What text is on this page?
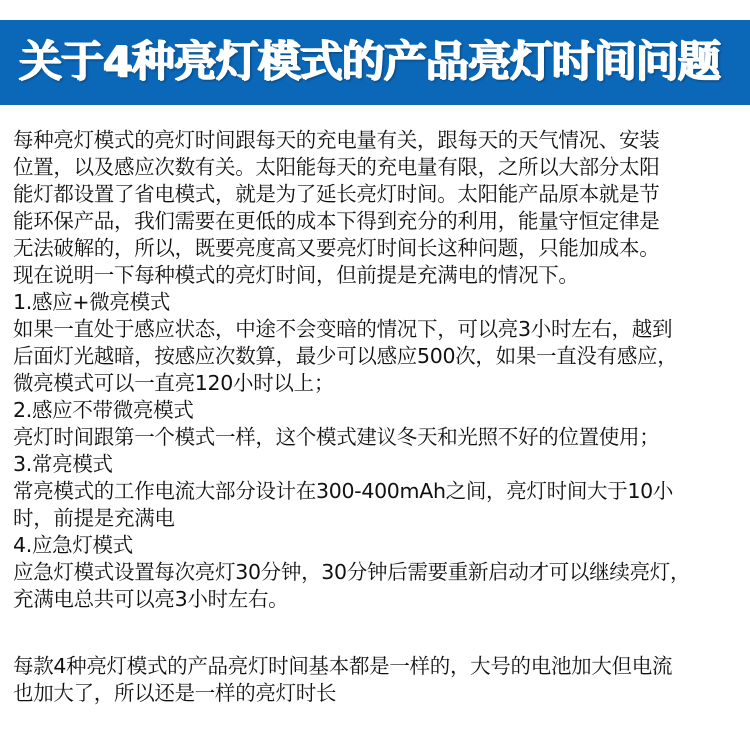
关于4种亮灯模式的产品亮灯时间问题
每种亮灯模式的亮灯时间跟每天的充电量有关，跟每天的天气情况、安装
位置，以及感应次数有关。太阳能每天的充电量有限，之所以大部分太阳
能灯都设置了省电模式，就是为了延长亮灯时间。太阳能产品原本就是节
能环保产品，我们需要在更低的成本下得到充分的利用，能量守恒定律是
无法破解的，所以，既要亮度高又要亮灯时间长这种问题，只能加成本。
现在说明一下每种模式的亮灯时间，但前提是充满电的情况下。
1.感应+微亮模式
如果一直处于感应状态，中途不会变暗的情况下，可以亮3小时左右，越到
后面灯光越暗，按感应次数算，最少可以感应500次，如果一直没有感应，
微亮模式可以一直亮120小时以上；
2.感应不带微亮模式
亮灯时间跟第一个模式一样，这个模式建议冬天和光照不好的位置使用；
3.常亮模式
常亮模式的工作电流大部分设计在300-400mAh之间，亮灯时间大于10小
时，前提是充满电
4.应急灯模式
应急灯模式设置每次亮灯30分钟，30分钟后需要重新启动才可以继续亮灯，
充满电总共可以亮3小时左右。
每款4种亮灯模式的产品亮灯时间基本都是一样的，大号的电池加大但电流
也加大了，所以还是一样的亮灯时长
